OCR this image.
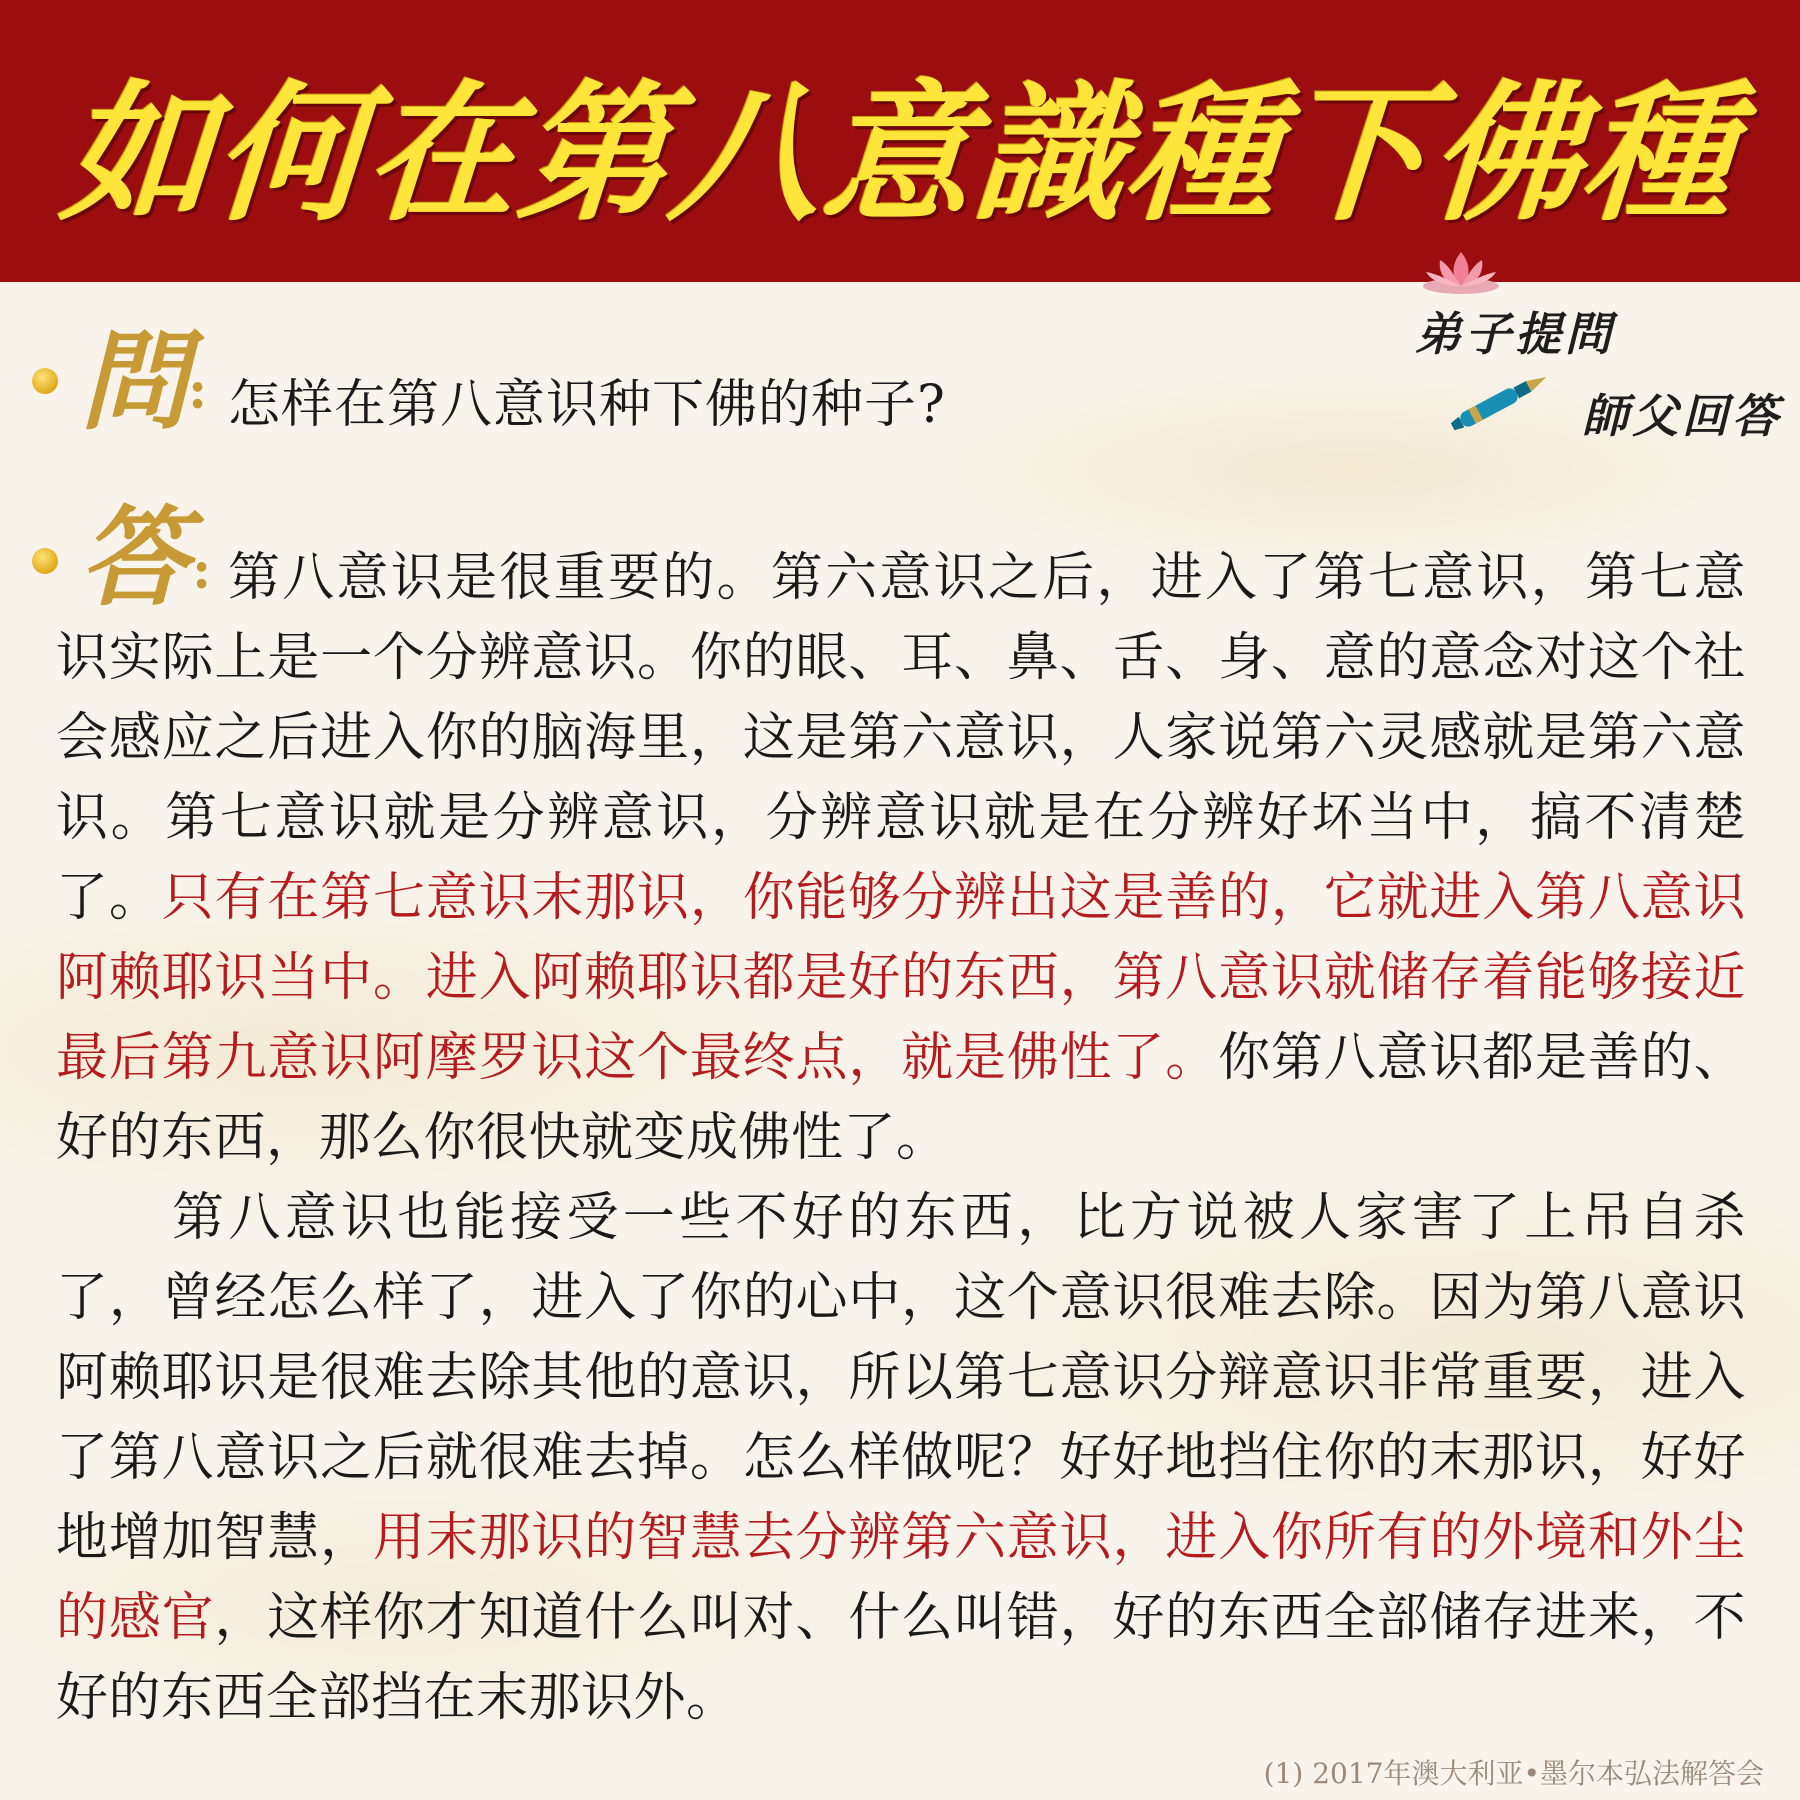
如何在第八意識種下佛種
弟子提問
師父回答
問 : 怎样在第八意识种下佛的种子?
答 : 第八意识是很重要的。第六意识之后，进入了第七意识，第七意识实际上是一个分辨意识。你的眼、耳、鼻、舌、身、意的意念对这个社会感应之后进入你的脑海里，这是第六意识，人家说第六灵感就是第六意识。第七意识就是分辨意识，分辨意识就是在分辨好坏当中，搞不清楚了。只有在第七意识末那识，你能够分辨出这是善的，它就进入第八意识阿赖耶识当中。进入阿赖耶识都是好的东西，第八意识就储存着能够接近最后第九意识阿摩罗识这个最终点，就是佛性了。你第八意识都是善的、好的东西，那么你很快就变成佛性了。

第八意识也能接受一些不好的东西，比方说被人家害了上吊自杀了，曾经怎么样了，进入了你的心中，这个意识很难去除。因为第八意识阿赖耶识是很难去除其他的意识，所以第七意识分辩意识非常重要，进入了第八意识之后就很难去掉。怎么样做呢？好好地挡住你的末那识，好好地增加智慧，用末那识的智慧去分辨第六意识，进入你所有的外境和外尘的感官，这样你才知道什么叫对、什么叫错，好的东西全部储存进来，不好的东西全部挡在末那识外。

(1) 2017年澳大利亚•墨尔本弘法解答会
